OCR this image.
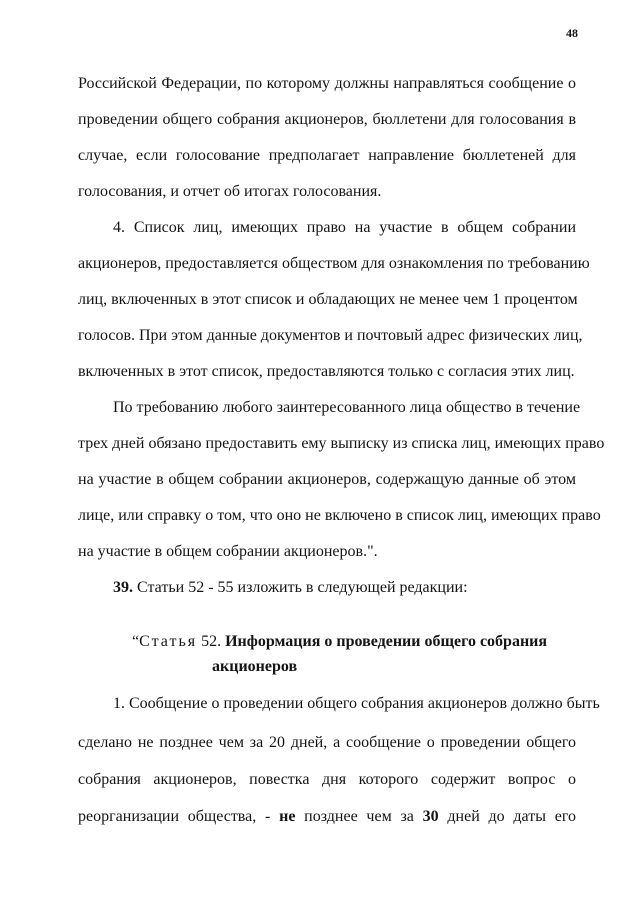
48
Российской Федерации, по которому должны направляться сообщение о
проведении общего собрания акционеров, бюллетени для голосования в
случае, если голосование предполагает направление бюллетеней для
голосования, и отчет об итогах голосования.
4. Список лиц, имеющих право на участие в общем собрании
акционеров, предоставляется обществом для ознакомления по требованию
лиц, включенных в этот список и обладающих не менее чем 1 процентом
голосов. При этом данные документов и почтовый адрес физических лиц,
включенных в этот список, предоставляются только с согласия этих лиц.
По требованию любого заинтересованного лица общество в течение
трех дней обязано предоставить ему выписку из списка лиц, имеющих право
на участие в общем собрании акционеров, содержащую данные об этом
лице, или справку о том, что оно не включено в список лиц, имеющих право
на участие в общем собрании акционеров.".
39. Статьи 52 - 55 изложить в следующей редакции:
“Статья 52. Информация о проведении общего собрания
акционеров
1. Сообщение о проведении общего собрания акционеров должно быть
сделано не позднее чем за 20 дней, а сообщение о проведении общего
собрания акционеров, повестка дня которого содержит вопрос о
реорганизации общества, - не позднее чем за 30 дней до даты его
